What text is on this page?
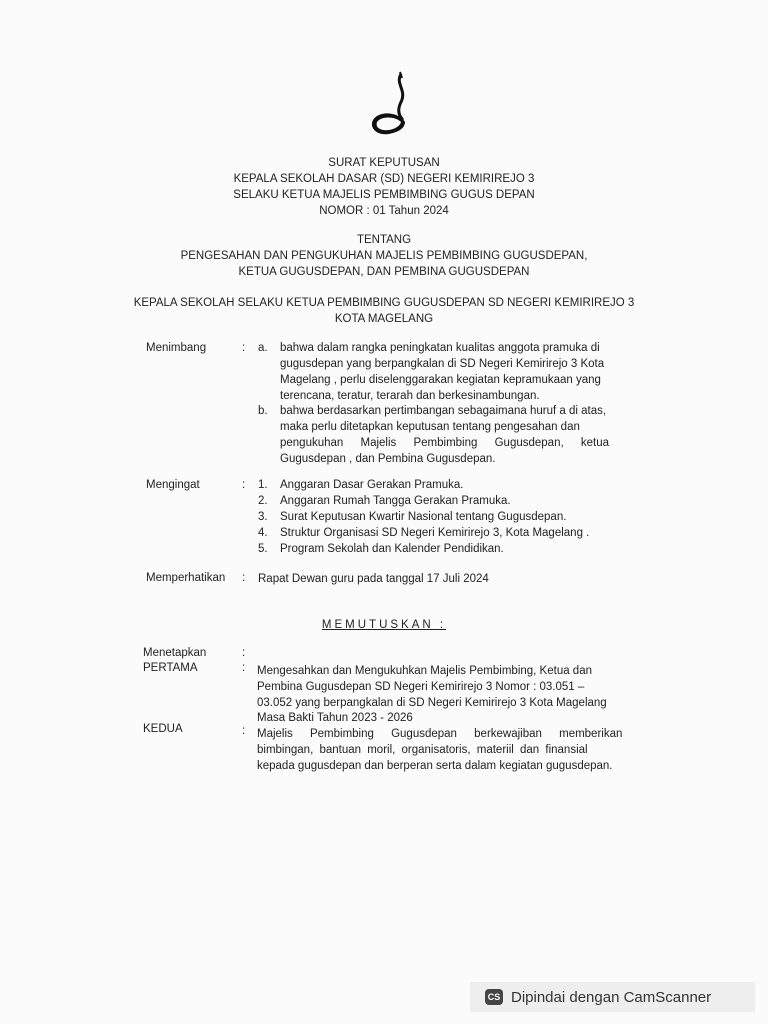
SURAT KEPUTUSAN
KEPALA SEKOLAH DASAR (SD) NEGERI KEMIRIREJO 3
SELAKU KETUA MAJELIS PEMBIMBING GUGUS DEPAN
NOMOR : 01 Tahun 2024
TENTANG
PENGESAHAN DAN PENGUKUHAN MAJELIS PEMBIMBING GUGUSDEPAN,
KETUA GUGUSDEPAN, DAN PEMBINA GUGUSDEPAN
KEPALA SEKOLAH SELAKU KETUA PEMBIMBING GUGUSDEPAN SD NEGERI KEMIRIREJO 3
KOTA MAGELANG
Menimbang	: a. bahwa dalam rangka peningkatan kualitas anggota pramuka di
gugusdepan yang berpangkalan di SD Negeri Kemirirejo 3 Kota
Magelang , perlu diselenggarakan kegiatan kepramukaan yang
terencana, teratur, terarah dan berkesinambungan.
b. bahwa berdasarkan pertimbangan sebagaimana huruf a di atas,
maka perlu ditetapkan keputusan tentang pengesahan dan
pengukuhan Majelis Pembimbing Gugusdepan, ketua
Gugusdepan , dan Pembina Gugusdepan.
Mengingat	: 1. Anggaran Dasar Gerakan Pramuka.
2. Anggaran Rumah Tangga Gerakan Pramuka.
3. Surat Keputusan Kwartir Nasional tentang Gugusdepan.
4. Struktur Organisasi SD Negeri Kemirirejo 3, Kota Magelang .
5. Program Sekolah dan Kalender Pendidikan.
Memperhatikan : Rapat Dewan guru pada tanggal 17 Juli 2024
MEMUTUSKAN :
Menetapkan	:
PERTAMA	: Mengesahkan dan Mengukuhkan Majelis Pembimbing, Ketua dan
Pembina Gugusdepan SD Negeri Kemirirejo 3 Nomor : 03.051 –
03.052 yang berpangkalan di SD Negeri Kemirirejo 3 Kota Magelang
Masa Bakti Tahun 2023 - 2026
KEDUA	: Majelis Pembimbing Gugusdepan berkewajiban memberikan
bimbingan, bantuan moril, organisatoris, materiil dan finansial
kepada gugusdepan dan berperan serta dalam kegiatan gugusdepan.
CS Dipindai dengan CamScanner
